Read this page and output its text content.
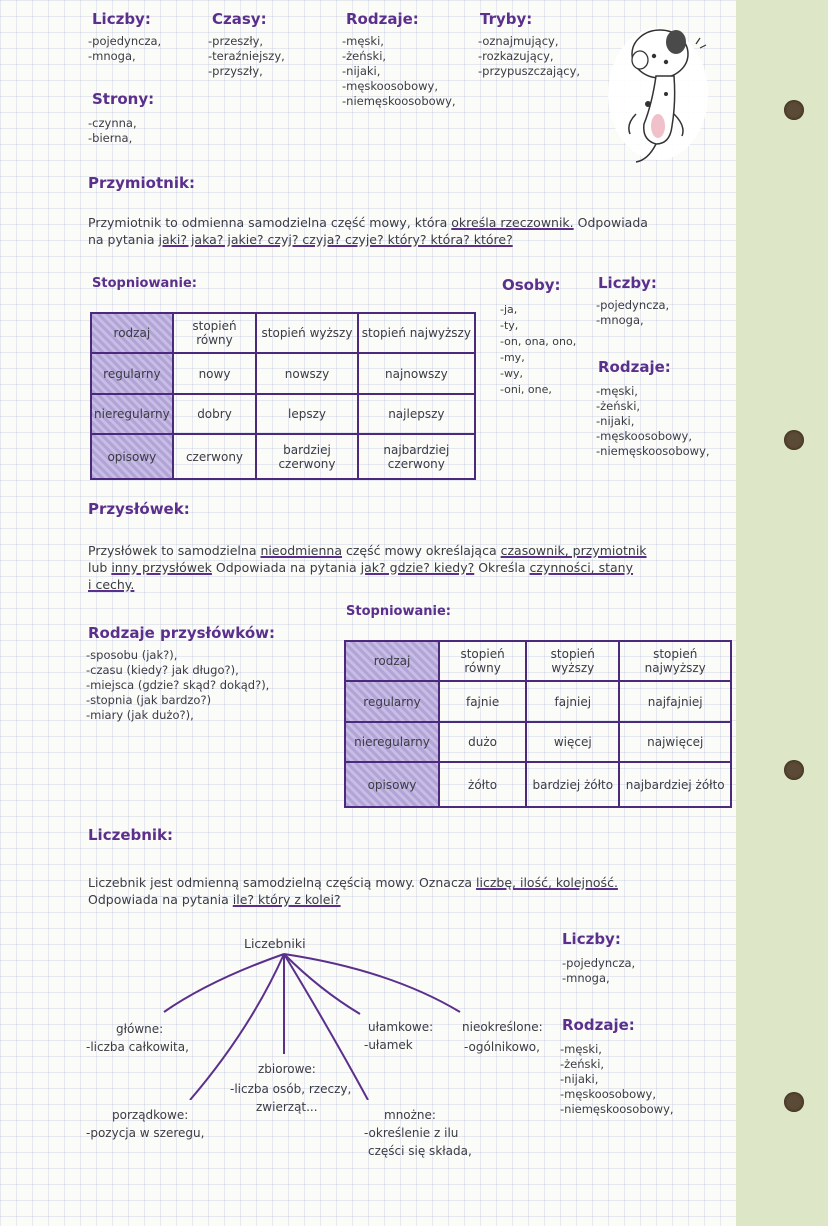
Liczby:
-pojedyncza,
-mnoga,
Strony:
-czynna,
-bierna,
Czasy:
-przeszły,
-teraźniejszy,
-przyszły,
Rodzaje:
-męski,
-żeński,
-nijaki,
-męskoosobowy,
-niemęskoosobowy,
Tryby:
-oznajmujący,
-rozkazujący,
-przypuszczający,
Przymiotnik:
Przymiotnik to odmienna samodzielna część mowy, która określa rzeczownik. Odpowiada
na pytania jaki? jaka? jakie? czyj? czyja? czyje? który? która? które?
Stopniowanie:
rodzaj	stopień równy	stopień wyższy	stopień najwyższy
regularny	nowy	nowszy	najnowszy
nieregularny	dobry	lepszy	najlepszy
opisowy	czerwony	bardziej czerwony	najbardziej czerwony
Osoby:
-ja,
-ty,
-on, ona, ono,
-my,
-wy,
-oni, one,
Liczby:
-pojedyncza,
-mnoga,
Rodzaje:
-męski,
-żeński,
-nijaki,
-męskoosobowy,
-niemęskoosobowy,
Przysłówek:
Przysłówek to samodzielna nieodmienna część mowy określająca czasownik, przymiotnik
lub inny przysłówek Odpowiada na pytania jak? gdzie? kiedy? Określa czynności, stany
i cechy.
Rodzaje przysłówków:
-sposobu (jak?),
-czasu (kiedy? jak długo?),
-miejsca (gdzie? skąd? dokąd?),
-stopnia (jak bardzo?)
-miary (jak dużo?),
Stopniowanie:
rodzaj	stopień równy	stopień wyższy	stopień najwyższy
regularny	fajnie	fajniej	najfajniej
nieregularny	dużo	więcej	najwięcej
opisowy	żółto	bardziej żółto	najbardziej żółto
Liczebnik:
Liczebnik jest odmienną samodzielną częścią mowy. Oznacza liczbę, ilość, kolejność.
Odpowiada na pytania ile? który z kolei?
Liczebniki
główne:
-liczba całkowita,
porządkowe:
-pozycja w szeregu,
zbiorowe:
-liczba osób, rzeczy,
zwierząt...
ułamkowe:
-ułamek
mnożne:
-określenie z ilu
części się składa,
nieokreślone:
-ogólnikowo,
Liczby:
-pojedyncza,
-mnoga,
Rodzaje:
-męski,
-żeński,
-nijaki,
-męskoosobowy,
-niemęskoosobowy,
